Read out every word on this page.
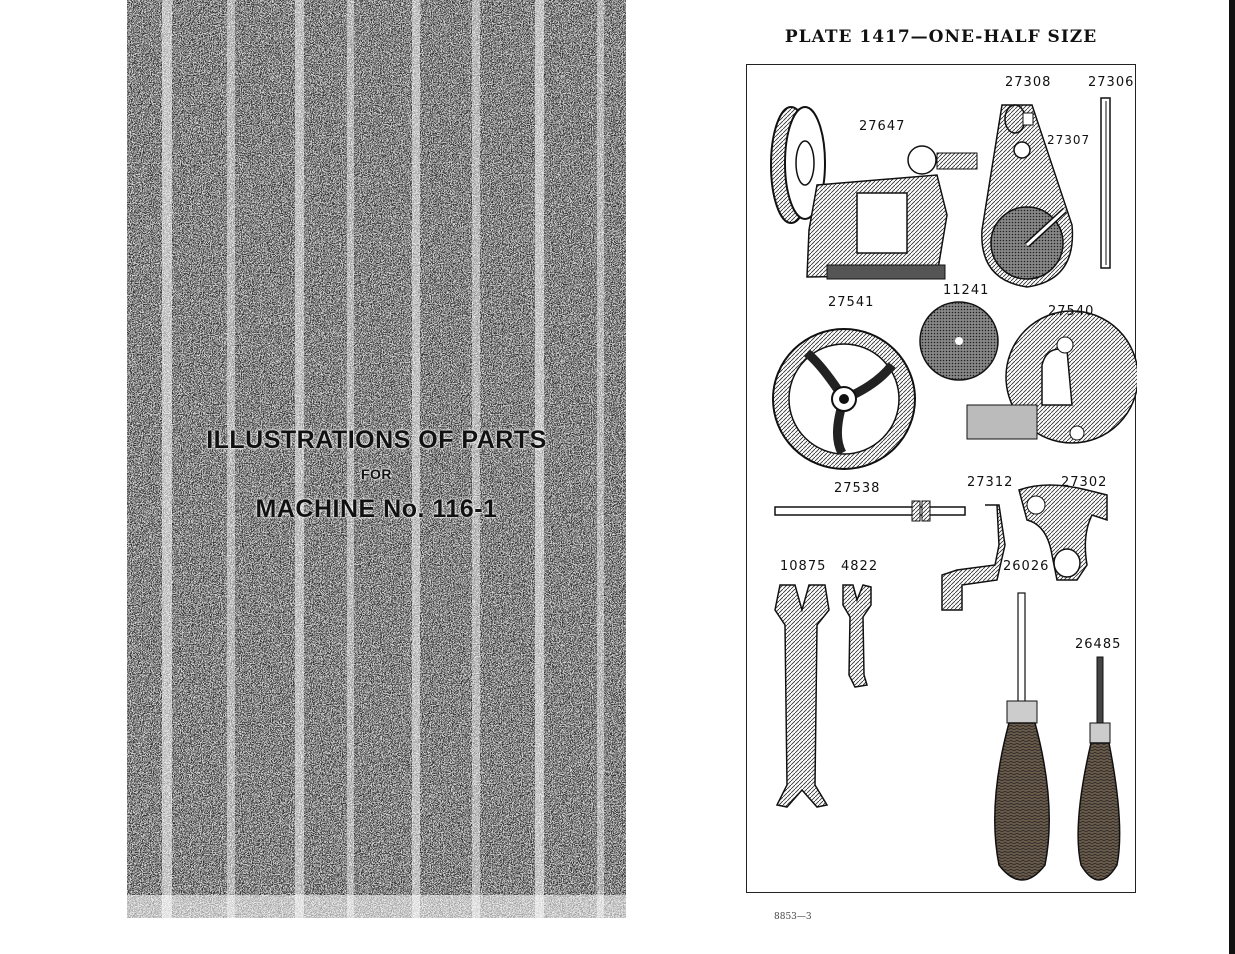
ILLUSTRATIONS OF PARTS
FOR
MACHINE No. 116-1
PLATE 1417—ONE-HALF SIZE
27647
27308	27306
27307
27541
11241
27540
27538	27312	27302
10875 4822	26026
26485
8853—3
